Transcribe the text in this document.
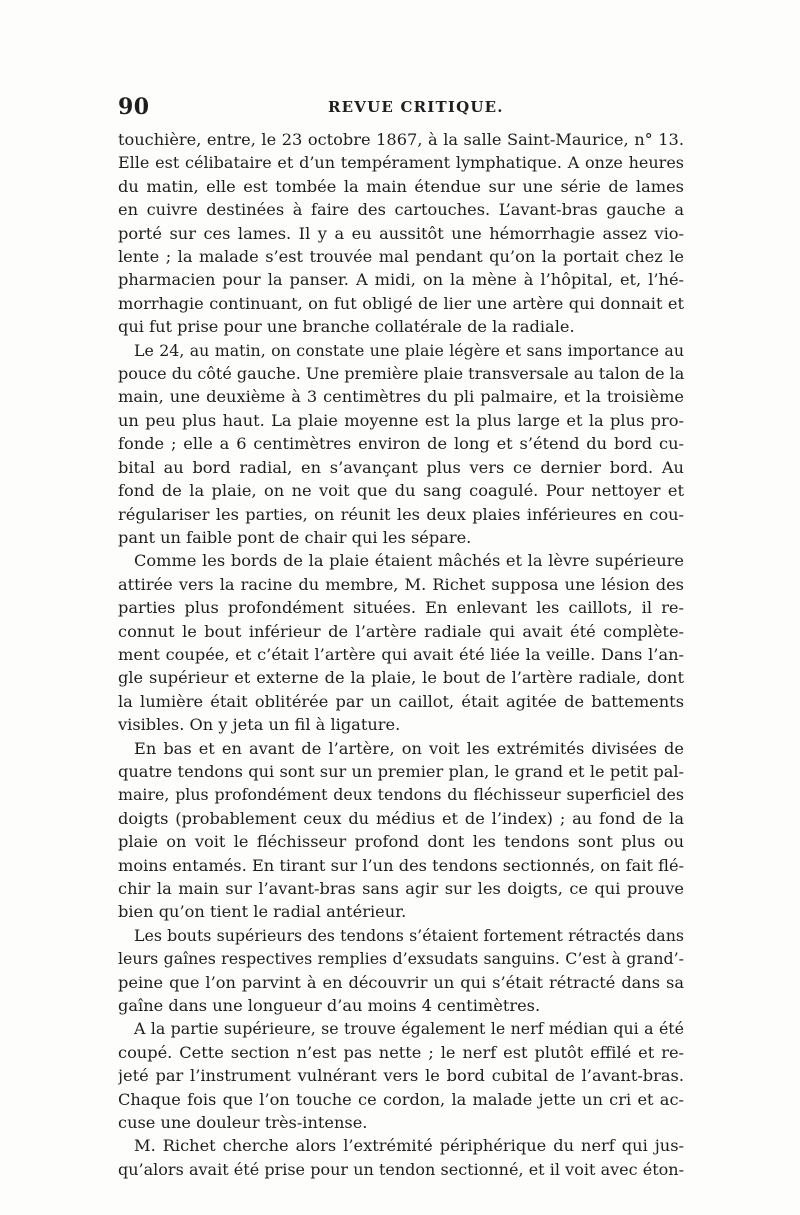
90	REVUE CRITIQUE.
touchière, entre, le 23 octobre 1867, à la salle Saint-Maurice, n° 13.
Elle est célibataire et d’un tempérament lymphatique. A onze heures
du matin, elle est tombée la main étendue sur une série de lames
en cuivre destinées à faire des cartouches. L’avant-bras gauche a
porté sur ces lames. Il y a eu aussitôt une hémorrhagie assez vio-
lente ; la malade s’est trouvée mal pendant qu’on la portait chez le
pharmacien pour la panser. A midi, on la mène à l’hôpital, et, l’hé-
morrhagie continuant, on fut obligé de lier une artère qui donnait et
qui fut prise pour une branche collatérale de la radiale.
Le 24, au matin, on constate une plaie légère et sans importance au
pouce du côté gauche. Une première plaie transversale au talon de la
main, une deuxième à 3 centimètres du pli palmaire, et la troisième
un peu plus haut. La plaie moyenne est la plus large et la plus pro-
fonde ; elle a 6 centimètres environ de long et s’étend du bord cu-
bital au bord radial, en s’avançant plus vers ce dernier bord. Au
fond de la plaie, on ne voit que du sang coagulé. Pour nettoyer et
régulariser les parties, on réunit les deux plaies inférieures en cou-
pant un faible pont de chair qui les sépare.
Comme les bords de la plaie étaient mâchés et la lèvre supérieure
attirée vers la racine du membre, M. Richet supposa une lésion des
parties plus profondément situées. En enlevant les caillots, il re-
connut le bout inférieur de l’artère radiale qui avait été complète-
ment coupée, et c’était l’artère qui avait été liée la veille. Dans l’an-
gle supérieur et externe de la plaie, le bout de l’artère radiale, dont
la lumière était oblitérée par un caillot, était agitée de battements
visibles. On y jeta un fil à ligature.
En bas et en avant de l’artère, on voit les extrémités divisées de
quatre tendons qui sont sur un premier plan, le grand et le petit pal-
maire, plus profondément deux tendons du fléchisseur superficiel des
doigts (probablement ceux du médius et de l’index) ; au fond de la
plaie on voit le fléchisseur profond dont les tendons sont plus ou
moins entamés. En tirant sur l’un des tendons sectionnés, on fait flé-
chir la main sur l’avant-bras sans agir sur les doigts, ce qui prouve
bien qu’on tient le radial antérieur.
Les bouts supérieurs des tendons s’étaient fortement rétractés dans
leurs gaînes respectives remplies d’exsudats sanguins. C’est à grand’-
peine que l’on parvint à en découvrir un qui s’était rétracté dans sa
gaîne dans une longueur d’au moins 4 centimètres.
A la partie supérieure, se trouve également le nerf médian qui a été
coupé. Cette section n’est pas nette ; le nerf est plutôt effilé et re-
jeté par l’instrument vulnérant vers le bord cubital de l’avant-bras.
Chaque fois que l’on touche ce cordon, la malade jette un cri et ac-
cuse une douleur très-intense.
M. Richet cherche alors l’extrémité périphérique du nerf qui jus-
qu’alors avait été prise pour un tendon sectionné, et il voit avec éton-
